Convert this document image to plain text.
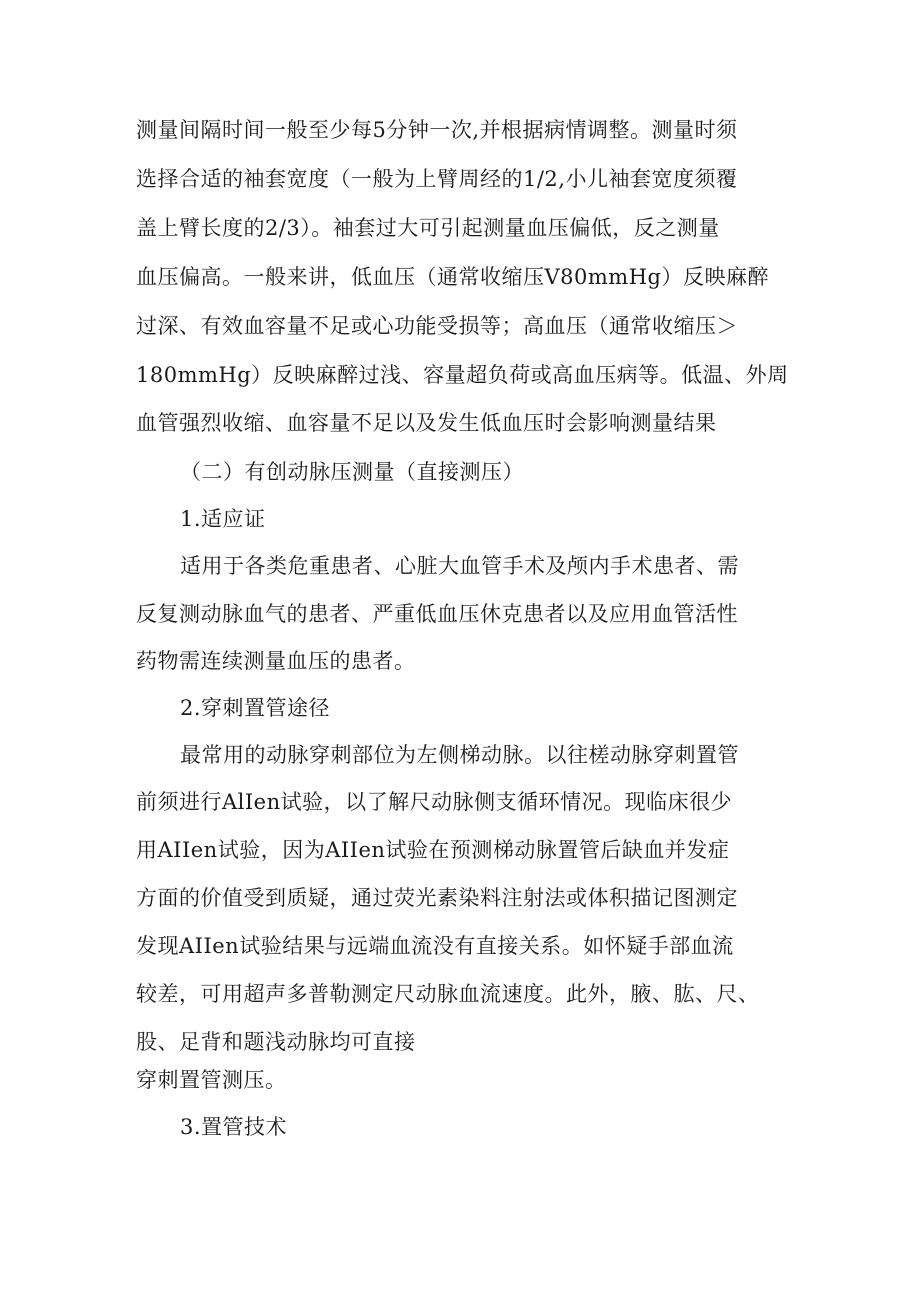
测量间隔时间一般至少每5分钟一次,并根据病情调整。测量时须
选择合适的袖套宽度（一般为上臂周经的1/2,小儿袖套宽度须覆
盖上臂长度的2/3）。袖套过大可引起测量血压偏低，反之测量
血压偏高。一般来讲，低血压（通常收缩压V80mmHg）反映麻醉
过深、有效血容量不足或心功能受损等；高血压（通常收缩压＞
180mmHg）反映麻醉过浅、容量超负荷或高血压病等。低温、外周
血管强烈收缩、血容量不足以及发生低血压时会影响测量结果
（二）有创动脉压测量（直接测压）
1.适应证
适用于各类危重患者、心脏大血管手术及颅内手术患者、需
反复测动脉血气的患者、严重低血压休克患者以及应用血管活性
药物需连续测量血压的患者。
2.穿刺置管途径
最常用的动脉穿刺部位为左侧梯动脉。以往槎动脉穿刺置管
前须进行AlIen试验，以了解尺动脉侧支循环情况。现临床很少
用AIIen试验，因为AIIen试验在预测梯动脉置管后缺血并发症
方面的价值受到质疑，通过荧光素染料注射法或体积描记图测定
发现AIIen试验结果与远端血流没有直接关系。如怀疑手部血流
较差，可用超声多普勒测定尺动脉血流速度。此外，腋、肱、尺、
股、足背和题浅动脉均可直接
穿刺置管测压。
3.置管技术
